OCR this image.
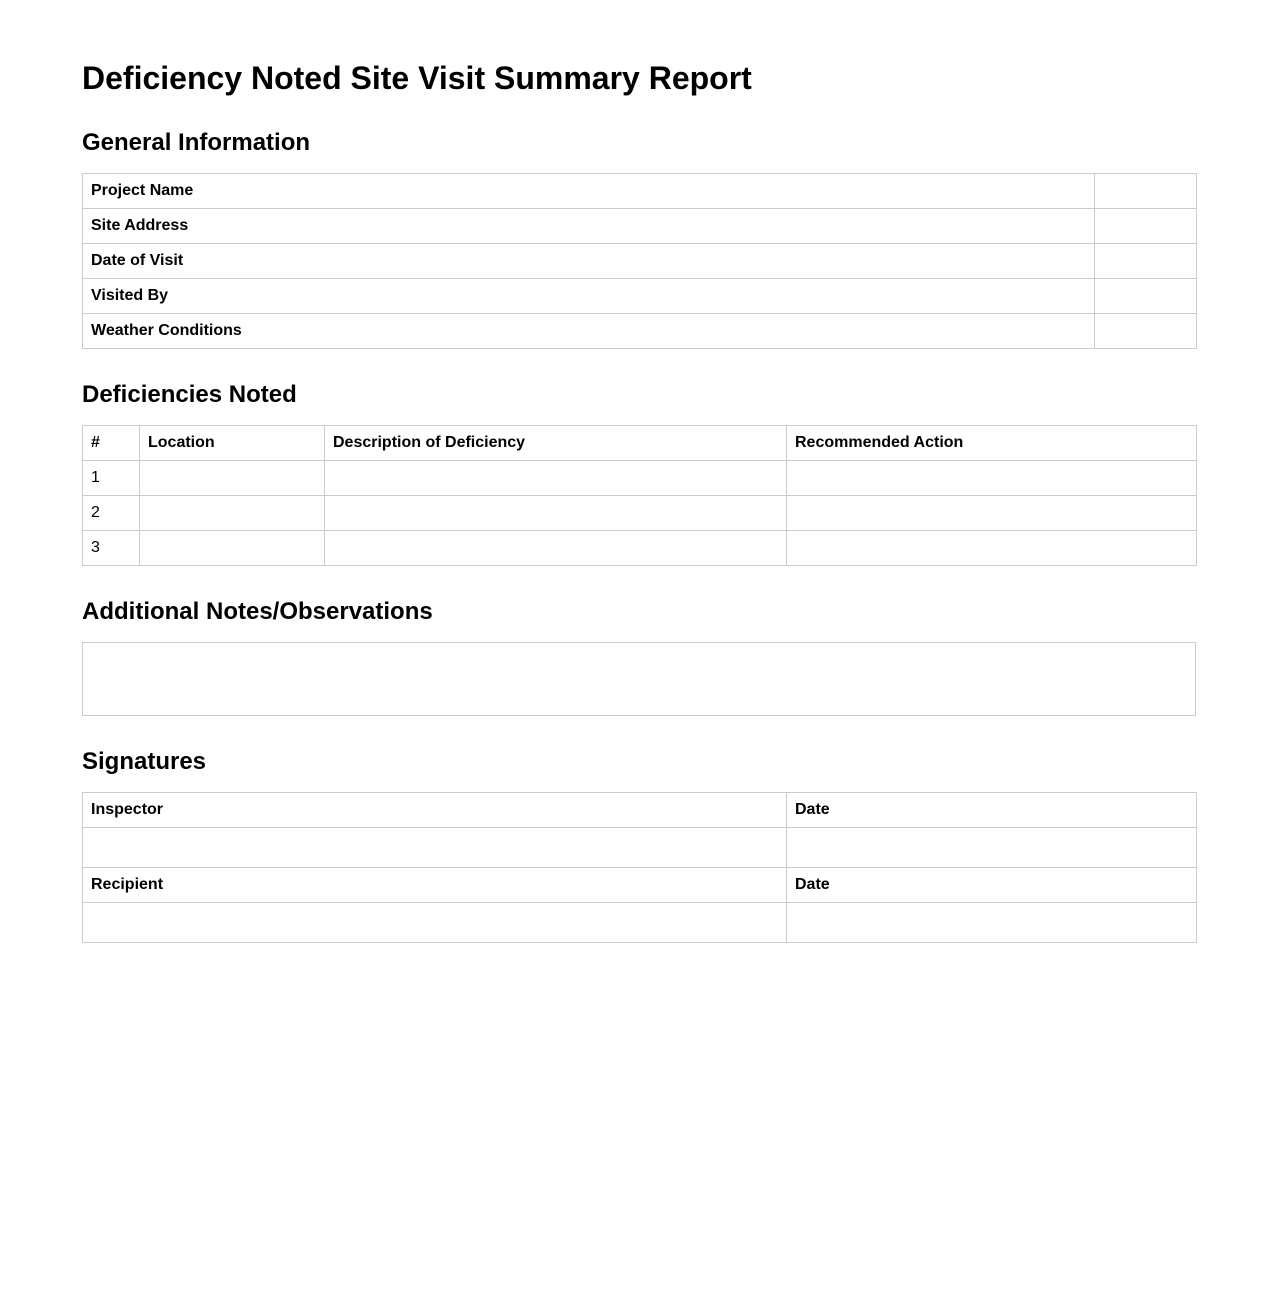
Deficiency Noted Site Visit Summary Report
General Information
Project Name	
Site Address	
Date of Visit	
Visited By	
Weather Conditions	
Deficiencies Noted
#	Location	Description of Deficiency	Recommended Action
1			
2			
3			
Additional Notes/Observations
Signatures
Inspector	Date

Recipient	Date
